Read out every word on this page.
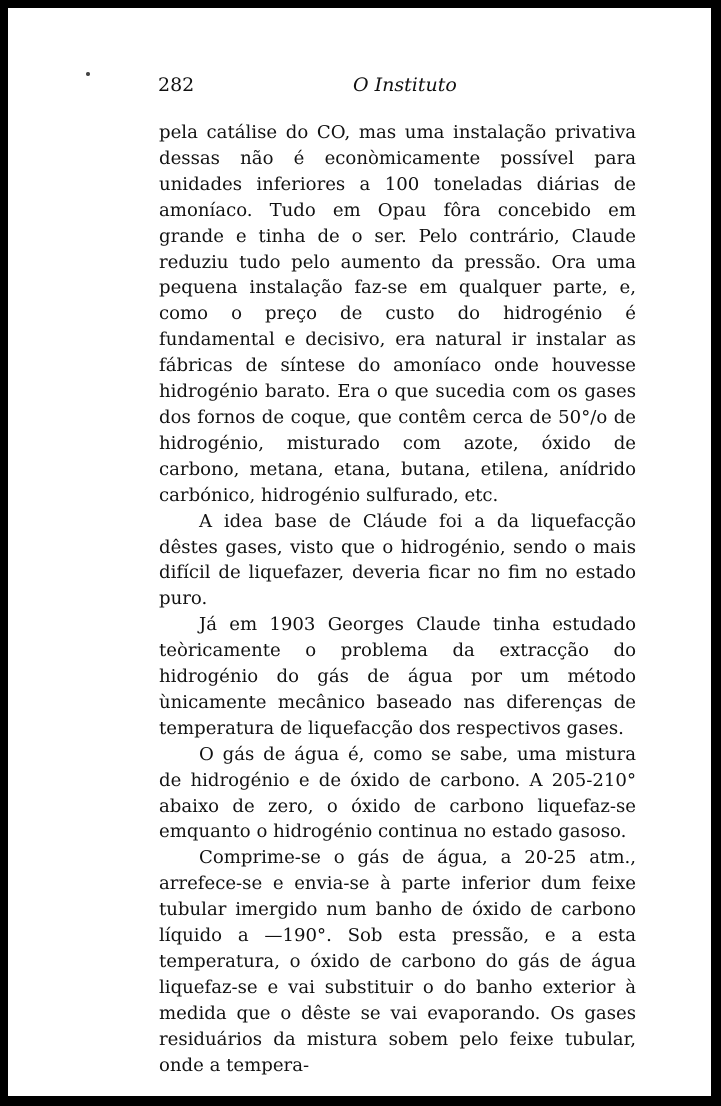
282	O Instituto

pela catálise do CO, mas uma instalação privativa dessas não é econòmicamente possível para unidades inferiores a 100 toneladas diárias de amoníaco. Tudo em Opau fôra concebido em grande e tinha de o ser. Pelo contrário, Claude reduziu tudo pelo aumento da pressão. Ora uma pequena instalação faz-se em qualquer parte, e, como o preço de custo do hidrogénio é fundamental e decisivo, era natural ir instalar as fábricas de síntese do amoníaco onde houvesse hidrogénio barato. Era o que sucedia com os gases dos fornos de coque, que contêm cerca de 50°/o de hidrogénio, misturado com azote, óxido de carbono, metana, etana, butana, etilena, anídrido carbónico, hidrogénio sulfurado, etc.

A idea base de Cláude foi a da liquefacção dêstes gases, visto que o hidrogénio, sendo o mais difícil de liquefazer, deveria ficar no fim no estado puro.

Já em 1903 Georges Claude tinha estudado teòricamente o problema da extracção do hidrogénio do gás de água por um método ùnicamente mecânico baseado nas diferenças de temperatura de liquefacção dos respectivos gases.

O gás de água é, como se sabe, uma mistura de hidrogénio e de óxido de carbono. A 205-210° abaixo de zero, o óxido de carbono liquefaz-se emquanto o hidrogénio continua no estado gasoso.

Comprime-se o gás de água, a 20-25 atm., arrefece-se e envia-se à parte inferior dum feixe tubular imergido num banho de óxido de carbono líquido a —190°. Sob esta pressão, e a esta temperatura, o óxido de carbono do gás de água liquefaz-se e vai substituir o do banho exterior à medida que o dêste se vai evaporando. Os gases residuários da mistura sobem pelo feixe tubular, onde a tempera-
